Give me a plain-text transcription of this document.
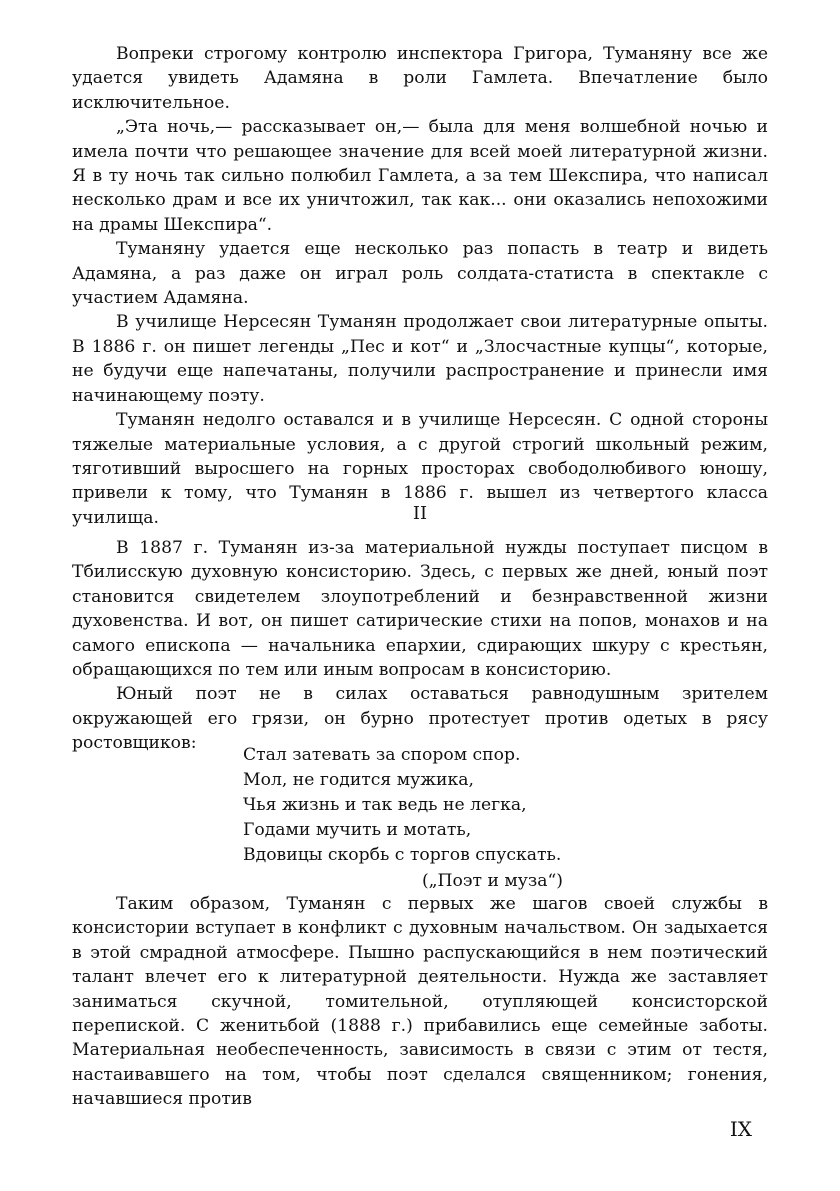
Вопреки строгому контролю инспектора Григора, Туманяну все же удается увидеть Адамяна в роли Гамлета. Впечатление было исключительное.

„Эта ночь,— рассказывает он,— была для меня волшебной ночью и имела почти что решающее значение для всей моей литературной жизни. Я в ту ночь так сильно полюбил Гамлета, а за тем Шекспира, что написал несколько драм и все их уничтожил, так как... они оказались непохожими на драмы Шекспира“.

Туманяну удается еще несколько раз попасть в театр и видеть Адамяна, а раз даже он играл роль солдата-статиста в спектакле с участием Адамяна.

В училище Нерсесян Туманян продолжает свои литературные опыты. В 1886 г. он пишет легенды „Пес и кот“ и „Злосчастные купцы“, которые, не будучи еще напечатаны, получили распространение и принесли имя начинающему поэту.

Туманян недолго оставался и в училище Нерсесян. С одной стороны тяжелые материальные условия, а с другой строгий школьный режим, тяготивший выросшего на горных просторах свободолюбивого юношу, привели к тому, что Туманян в 1886 г. вышел из четвертого класса училища.	II

В 1887 г. Туманян из-за материальной нужды поступает писцом в Тбилисскую духовную консисторию. Здесь, с первых же дней, юный поэт становится свидетелем злоупотреблений и безнравственной жизни духовенства. И вот, он пишет сатирические стихи на попов, монахов и на самого епископа — начальника епархии, сдирающих шкуру с крестьян, обращающихся по тем или иным вопросам в консисторию.

Юный поэт не в силах оставаться равнодушным зрителем окружающей его грязи, он бурно протестует против одетых в рясу ростовщиков:

Стал затевать за спором спор.
Мол, не годится мужика,
Чья жизнь и так ведь не легка,
Годами мучить и мотать,
Вдовицы скорбь с торгов спускать.
(„Поэт и муза“)

Таким образом, Туманян с первых же шагов своей службы в консистории вступает в конфликт с духовным начальством. Он задыхается в этой смрадной атмосфере. Пышно распускающийся в нем поэтический талант влечет его к литературной деятельности. Нужда же заставляет заниматься скучной, томительной, отупляющей консисторской перепиской. С женитьбой (1888 г.) прибавились еще семейные заботы. Материальная необеспеченность, зависимость в связи с этим от тестя, настаивавшего на том, чтобы поэт сделался священником; гонения, начавшиеся против

IX
